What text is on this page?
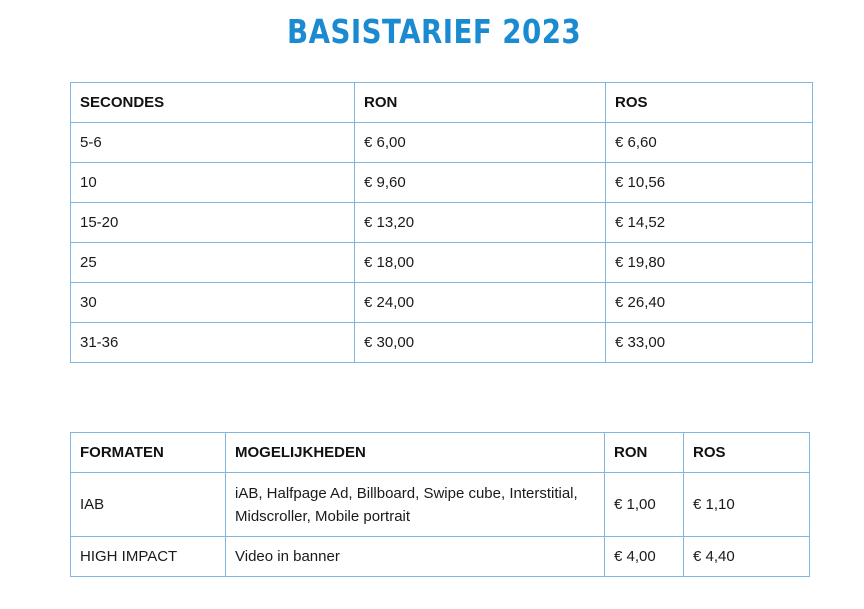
BASISTARIEF 2023
SECONDES	RON	ROS
5-6	€ 6,00	€ 6,60
10	€ 9,60	€ 10,56
15-20	€ 13,20	€ 14,52
25	€ 18,00	€ 19,80
30	€ 24,00	€ 26,40
31-36	€ 30,00	€ 33,00
FORMATEN	MOGELIJKHEDEN	RON	ROS
IAB	iAB, Halfpage Ad, Billboard, Swipe cube, Interstitial, Midscroller, Mobile portrait	€ 1,00	€ 1,10
HIGH IMPACT	Video in banner	€ 4,00	€ 4,40
